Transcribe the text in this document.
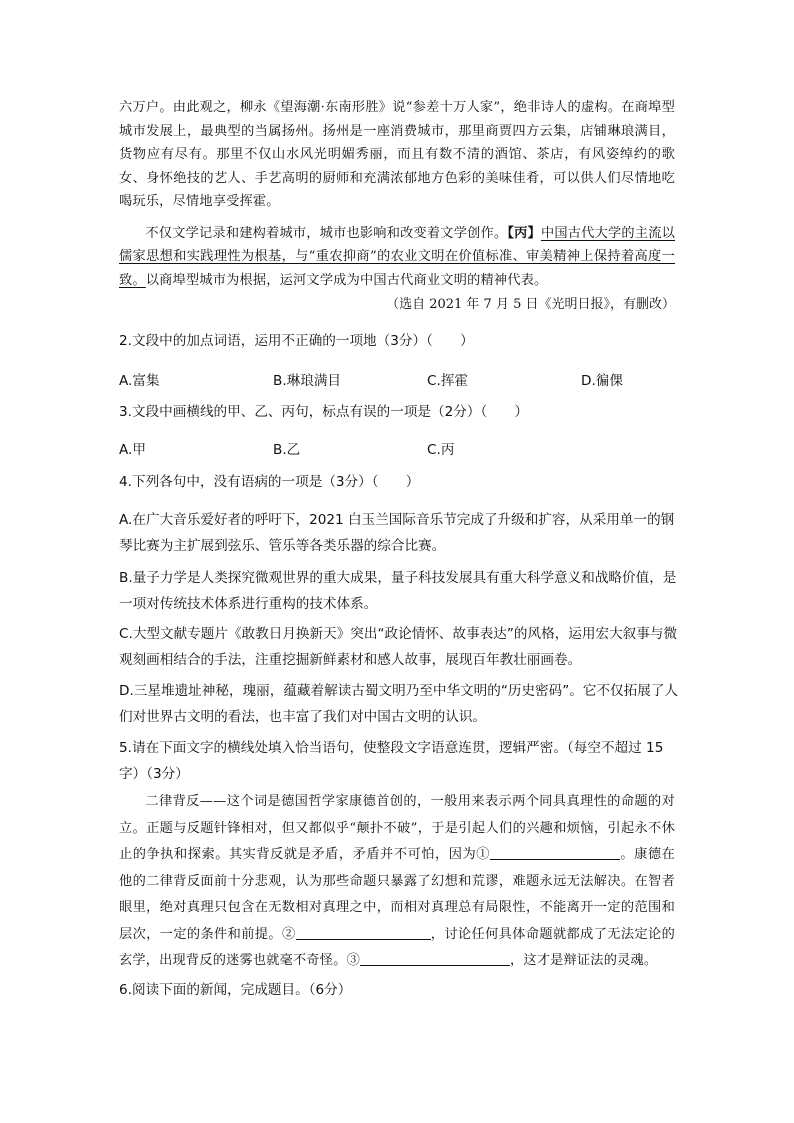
六万户。由此观之，柳永《望海潮·东南形胜》说“参差十万人家”，绝非诗人的虚构。在商埠型城市发展上，最典型的当属扬州。扬州是一座消费城市，那里商贾四方云集，店铺琳琅满目，货物应有尽有。那里不仅山水风光明媚秀丽，而且有数不清的酒馆、茶店，有风姿绰约的歌女、身怀绝技的艺人、手艺高明的厨师和充满浓郁地方色彩的美味佳肴，可以供人们尽情地吃喝玩乐，尽情地享受挥霍。

不仅文学记录和建构着城市，城市也影响和改变着文学创作。【丙】中国古代大学的主流以儒家思想和实践理性为根基，与“重农抑商”的农业文明在价值标准、审美精神上保持着高度一致。以商埠型城市为根据，运河文学成为中国古代商业文明的精神代表。

（选自 2021 年 7 月 5 日《光明日报》，有删改）

2.文段中的加点词语，运用不正确的一项地（3分）（　　）

A.富集	B.琳琅满目	C.挥霍	D.徧倮

3.文段中画横线的甲、乙、丙句，标点有误的一项是（2分）（　　）

A.甲	B.乙	C.丙

4.下列各句中，没有语病的一项是（3分）（　　）

A.在广大音乐爱好者的呼吁下，2021 白玉兰国际音乐节完成了升级和扩容，从采用单一的钢琴比赛为主扩展到弦乐、管乐等各类乐器的综合比赛。

B.量子力学是人类探究微观世界的重大成果，量子科技发展具有重大科学意义和战略价值，是一项对传统技术体系进行重构的技术体系。

C.大型文献专题片《敢教日月换新天》突出“政论情怀、故事表达”的风格，运用宏大叙事与微观刻画相结合的手法，注重挖掘新鲜素材和感人故事，展现百年教壮丽画卷。

D.三星堆遗址神秘，瑰丽，蕴藏着解读古蜀文明乃至中华文明的“历史密码”。它不仅拓展了人们对世界古文明的看法，也丰富了我们对中国古文明的认识。

5.请在下面文字的横线处填入恰当语句，使整段文字语意连贯，逻辑严密。（每空不超过 15 字）（3分）

二律背反——这个词是德国哲学家康德首创的，一般用来表示两个同具真理性的命题的对立。正题与反题针锋相对，但又都似乎“颠扑不破”，于是引起人们的兴趣和烦恼，引起永不休止的争执和探索。其实背反就是矛盾，矛盾并不可怕，因为①	。康德在他的二律背反面前十分悲观，认为那些命题只暴露了幻想和荒谬，难题永远无法解决。在智者眼里，绝对真理只包含在无数相对真理之中，而相对真理总有局限性，不能离开一定的范围和层次，一定的条件和前提。②	，讨论任何具体命题就都成了无法定论的玄学，出现背反的迷雾也就毫不奇怪。③	，这才是辩证法的灵魂。

6.阅读下面的新闻，完成题目。（6分）
